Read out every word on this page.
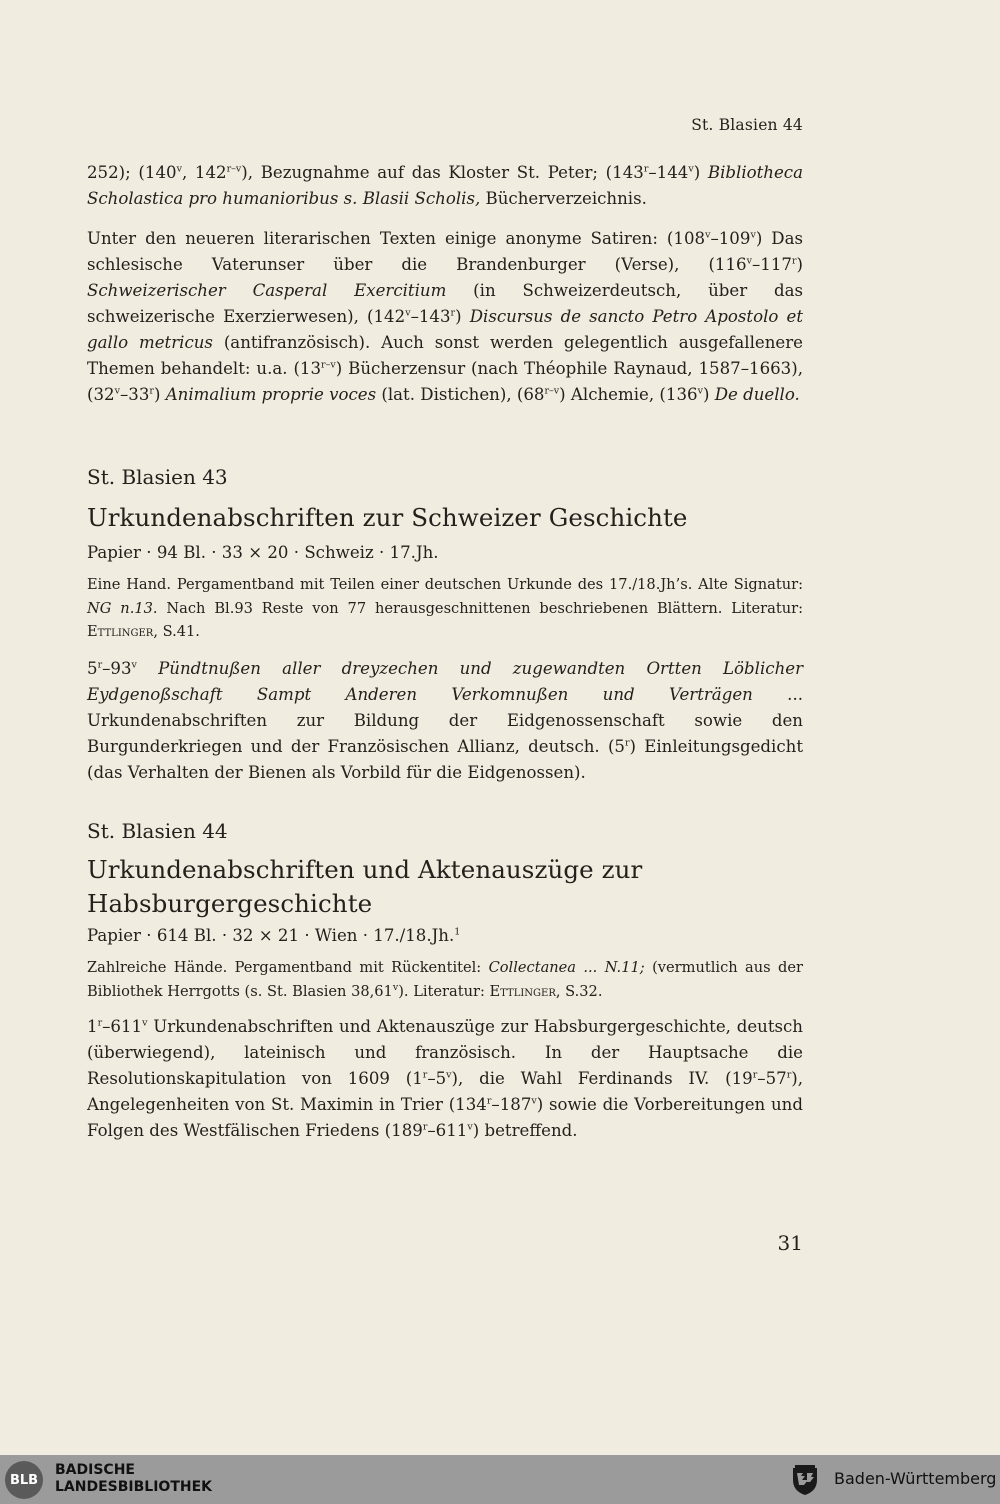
St. Blasien 44

252); (140$^v$, 142$^{r-v}$), Bezugnahme auf das Kloster St. Peter; (143$^r$–144$^v$) Bibliotheca Scholastica pro humanioribus s. Blasii Scholis, Bücherverzeichnis.

Unter den neueren literarischen Texten einige anonyme Satiren: (108$^v$–109$^v$) Das schlesische Vaterunser über die Brandenburger (Verse), (116$^v$–117$^r$) Schweizerischer Casperal Exercitium (in Schweizerdeutsch, über das schweizerische Exerzierwesen), (142$^v$–143$^r$) Discursus de sancto Petro Apostolo et gallo metricus (antifranzösisch). Auch sonst werden gelegentlich ausgefallenere Themen behandelt: u.a. (13$^{r-v}$) Bücherzensur (nach Théophile Raynaud, 1587–1663), (32$^v$–33$^r$) Animalium proprie voces (lat. Distichen), (68$^{r-v}$) Alchemie, (136$^v$) De duello.

St. Blasien 43
Urkundenabschriften zur Schweizer Geschichte
Papier · 94 Bl. · 33 × 20 · Schweiz · 17.Jh.

Eine Hand. Pergamentband mit Teilen einer deutschen Urkunde des 17./18.Jh’s. Alte Signatur: NG n.13. Nach Bl.93 Reste von 77 herausgeschnittenen beschriebenen Blättern. Literatur: Ettlinger, S.41.

5$^r$–93$^v$ Pündtnußen aller dreyzechen und zugewandten Ortten Löblicher Eydgenoßschaft Sampt Anderen Verkomnußen und Verträgen ... Urkundenabschriften zur Bildung der Eidgenossenschaft sowie den Burgunderkriegen und der Französischen Allianz, deutsch. (5$^r$) Einleitungsgedicht (das Verhalten der Bienen als Vorbild für die Eidgenossen).

St. Blasien 44
Urkundenabschriften und Aktenauszüge zur Habsburgergeschichte
Papier · 614 Bl. · 32 × 21 · Wien · 17./18.Jh.$^1$

Zahlreiche Hände. Pergamentband mit Rückentitel: Collectanea ... N.11; (vermutlich aus der Bibliothek Herrgotts (s. St. Blasien 38,61$^v$). Literatur: Ettlinger, S.32.

1$^r$–611$^v$ Urkundenabschriften und Aktenauszüge zur Habsburgergeschichte, deutsch (überwiegend), lateinisch und französisch. In der Hauptsache die Resolutionskapitulation von 1609 (1$^r$–5$^v$), die Wahl Ferdinands IV. (19$^r$–57$^r$), Angelegenheiten von St. Maximin in Trier (134$^r$–187$^v$) sowie die Vorbereitungen und Folgen des Westfälischen Friedens (189$^r$–611$^v$) betreffend.

31
BLB
BADISCHE
LANDESBIBLIOTHEK	Baden-Württemberg
